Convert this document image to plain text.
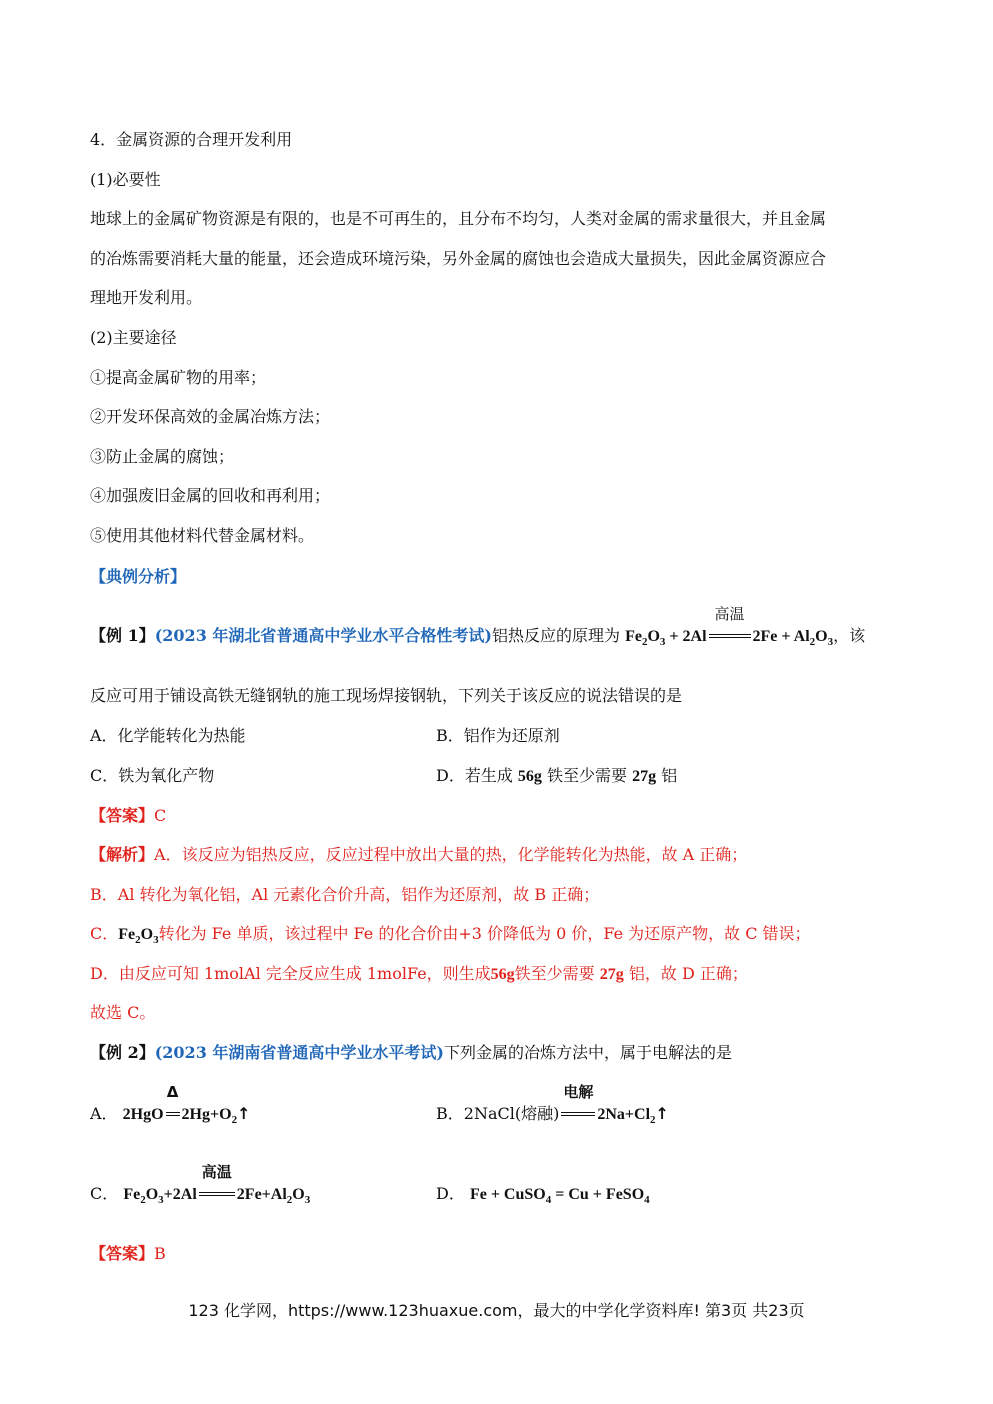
4．金属资源的合理开发利用
(1)必要性
地球上的金属矿物资源是有限的，也是不可再生的，且分布不均匀，人类对金属的需求量很大，并且金属
的冶炼需要消耗大量的能量，还会造成环境污染，另外金属的腐蚀也会造成大量损失，因此金属资源应合
理地开发利用。
(2)主要途径
①提高金属矿物的用率；
②开发环保高效的金属冶炼方法；
③防止金属的腐蚀；
④加强废旧金属的回收和再利用；
⑤使用其他材料代替金属材料。
【典例分析】
【例 1】(2023 年湖北省普通高中学业水平合格性考试)铝热反应的原理为 $Fe_2O_3 + 2Al$
高温
$2Fe + Al_2O_3$，该
反应可用于铺设高铁无缝钢轨的施工现场焊接钢轨，下列关于该反应的说法错误的是
A．化学能转化为热能	B．铝作为还原剂
C．铁为氧化产物	D．若生成 56g 铁至少需要 27g 铝
【答案】C
【解析】A．该反应为铝热反应，反应过程中放出大量的热，化学能转化为热能，故 A 正确；
B．Al 转化为氧化铝，Al 元素化合价升高，铝作为还原剂，故 B 正确；
C．$Fe_2O_3$转化为 Fe 单质，该过程中 Fe 的化合价由+3 价降低为 0 价，Fe 为还原产物，故 C 错误；
D．由反应可知 1molAl 完全反应生成 1molFe，则生成56g铁至少需要 27g 铝，故 D 正确；
故选 C。
【例 2】(2023 年湖南省普通高中学业水平考试)下列金属的冶炼方法中，属于电解法的是
A． 2HgO
Δ
$2Hg+O_2↑$	B．2NaCl(熔融)
电解
$2Na+Cl_2↑$
C． $Fe_2O_3+2Al$
高温
$2Fe+Al_2O_3$	D． Fe + CuSO$_4$ = Cu + FeSO$_4$
【答案】B
123 化学网，https://www.123huaxue.com，最大的中学化学资料库! 第3页 共23页
